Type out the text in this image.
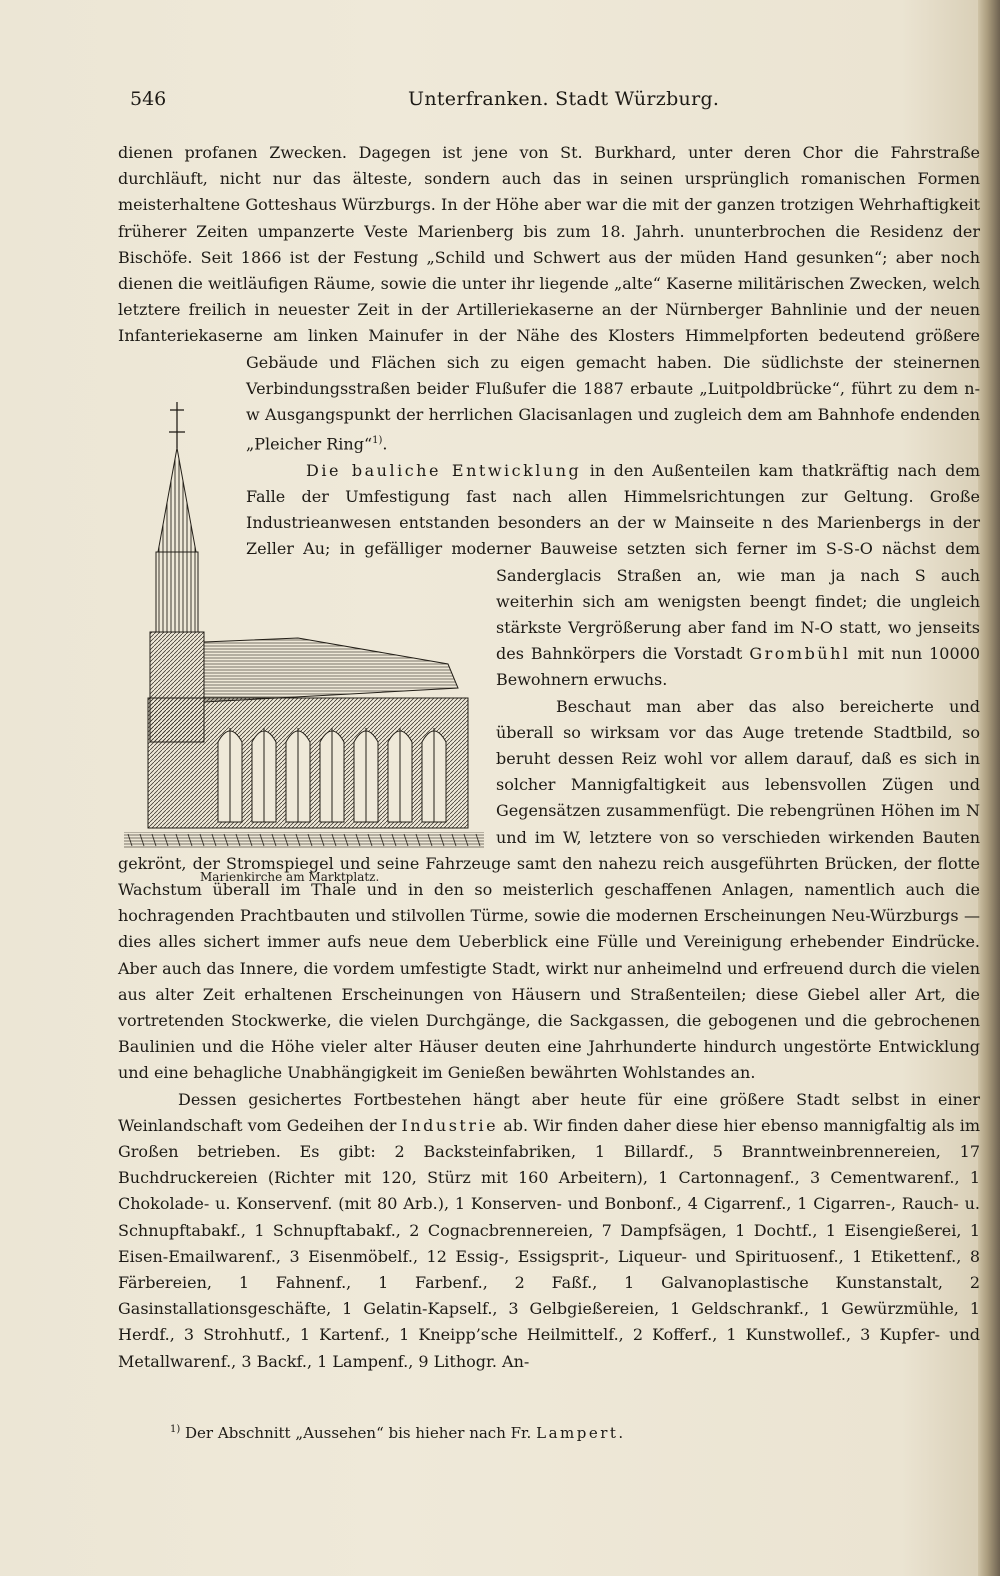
546	Unterfranken. Stadt Würzburg.

dienen profanen Zwecken. Dagegen ist jene von St. Burkhard, unter deren Chor die Fahrstraße durchläuft, nicht nur das älteste, sondern auch das in seinen ursprünglich romanischen Formen meisterhaltene Gotteshaus Würzburgs. In der Höhe aber war die mit der ganzen trotzigen Wehrhaftigkeit früherer Zeiten umpanzerte Veste Marienberg bis zum 18. Jahrh. ununterbrochen die Residenz der Bischöfe. Seit 1866 ist der Festung „Schild und Schwert aus der müden Hand gesunken“; aber noch dienen die weitläufigen Räume, sowie die unter ihr liegende „alte“ Kaserne militärischen Zwecken, welch letztere freilich in neuester Zeit in der Artilleriekaserne an der Nürnberger Bahnlinie und der neuen Infanteriekaserne am linken Mainufer in der Nähe des Klosters Himmelpforten bedeutend größere Gebäude und Flächen
sich zu eigen gemacht haben. Die südlichste der steinernen Verbindungsstraßen beider Flußufer die 1887 erbaute „Luitpoldbrücke“, führt zu dem n-w Ausgangspunkt der herrlichen Glacisanlagen und zugleich dem am Bahnhofe endenden „Pleicher Ring“$^{1)}$.

Die bauliche Entwicklung in den Außenteilen kam thatkräftig nach dem Falle der Umfestigung fast nach allen Himmelsrichtungen zur Geltung. Große Industrieanwesen entstanden besonders an der w Mainseite n des Marienbergs in der Zeller Au; in gefälliger moderner Bauweise setzten sich ferner im S-S-O nächst dem Sanderglacis Straßen an, wie man ja nach S auch weiterhin sich am wenigsten beengt findet; die ungleich stärkste Vergrößerung aber fand im N-O statt, wo jenseits des Bahnkörpers die Vorstadt Grombühl mit nun 10000 Bewohnern erwuchs.

Beschaut man aber das also bereicherte und überall so wirksam vor das Auge tretende Stadtbild, so beruht dessen Reiz wohl vor allem darauf, daß es sich in solcher Mannigfaltigkeit aus lebensvollen Zügen und Gegensätzen zusammenfügt. Die rebengrünen Höhen im N und im W, letztere von so verschieden wirkenden Bauten gekrönt, der Stromspiegel und seine Fahrzeuge samt den nahezu reich ausgeführten Brücken, der flotte Wachstum überall im Thale und in den so meisterlich geschaffenen Anlagen, namentlich auch die hochragenden Prachtbauten und stilvollen Türme, sowie die modernen Erscheinungen Neu-Würzburgs — dies alles sichert immer aufs neue dem Ueberblick eine Fülle und Vereinigung erhebender Eindrücke. Aber auch das Innere, die vordem umfestigte Stadt, wirkt nur anheimelnd und erfreuend durch die vielen aus alter Zeit erhaltenen Erscheinungen von Häusern und Straßenteilen; diese Giebel aller Art, die vortretenden Stockwerke, die vielen Durchgänge, die Sackgassen, die gebogenen und die gebrochenen Baulinien und die Höhe vieler alter Häuser deuten eine Jahrhunderte hindurch ungestörte Entwicklung und eine behagliche Unabhängigkeit im Genießen bewährten Wohlstandes an.

Dessen gesichertes Fortbestehen hängt aber heute für eine größere Stadt selbst in einer Weinlandschaft vom Gedeihen der Industrie ab. Wir finden daher diese hier ebenso mannigfaltig als im Großen betrieben. Es gibt: 2 Backsteinfabriken, 1 Billardf., 5 Branntweinbrennereien, 17 Buchdruckereien (Richter mit 120, Stürz mit 160 Arbeitern), 1 Cartonnagenf., 3 Cementwarenf., 1 Chokolade- u. Konservenf. (mit 80 Arb.), 1 Konserven- und Bonbonf., 4 Cigarrenf., 1 Cigarren-, Rauch- u. Schnupftabakf., 1 Schnupftabakf., 2 Cognacbrennereien, 7 Dampfsägen, 1 Dochtf., 1 Eisengießerei, 1 Eisen-Emailwarenf., 3 Eisenmöbelf., 12 Essig-, Essigsprit-, Liqueur- und Spirituosenf., 1 Etikettenf., 8 Färbereien, 1 Fahnenf., 1 Farbenf., 2 Faßf., 1 Galvanoplastische Kunstanstalt, 2 Gasinstallationsgeschäfte, 1 Gelatin-Kapself., 3 Gelbgießereien, 1 Geldschrankf., 1 Gewürzmühle, 1 Herdf., 3 Strohhutf., 1 Kartenf., 1 Kneipp’sche Heilmittelf., 2 Kofferf., 1 Kunstwollef., 3 Kupfer- und Metallwarenf., 3 Backf., 1 Lampenf., 9 Lithogr. An-

Marienkirche am Marktplatz.
$^{1)}$ Der Abschnitt „Aussehen“ bis hieher nach Fr. Lampert.
